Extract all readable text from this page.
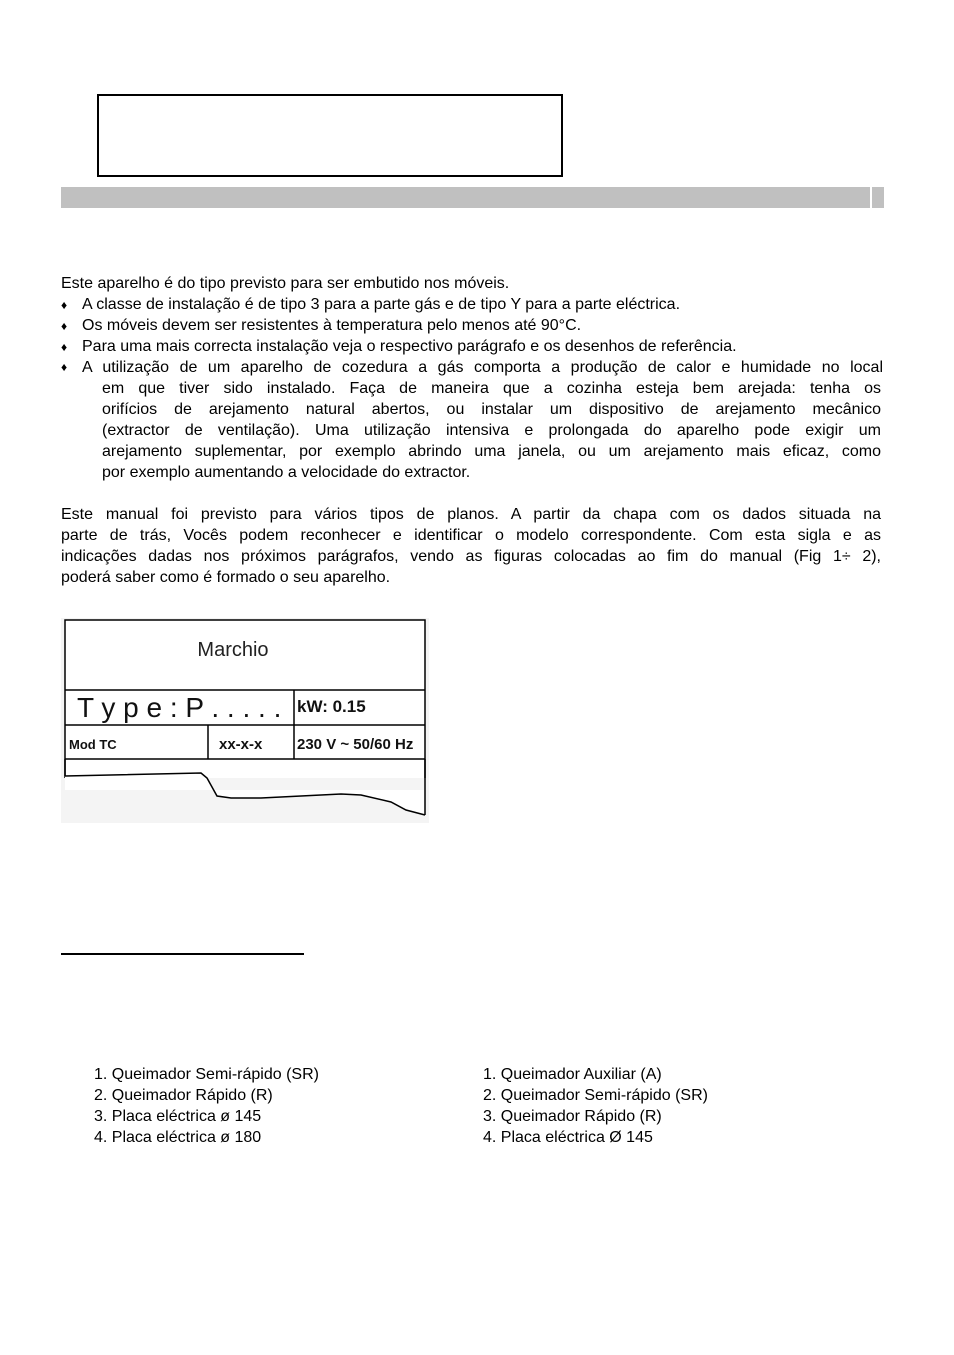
Este aparelho é do tipo previsto para ser embutido nos móveis.
♦ A classe de instalação é de tipo 3 para a parte gás e de tipo Y para a parte eléctrica.
♦ Os móveis devem ser resistentes à temperatura pelo menos até 90°C.
♦ Para uma mais correcta instalação veja o respectivo parágrafo e os desenhos de referência.
♦ A utilização de um aparelho de cozedura a gás comporta a produção de calor e humidade no local
em que tiver sido instalado. Faça de maneira que a cozinha esteja bem arejada: tenha os
orifícios de arejamento natural abertos, ou instalar um dispositivo de arejamento mecânico
(extractor de ventilação). Uma utilização intensiva e prolongada do aparelho pode exigir um
arejamento suplementar, por exemplo abrindo uma janela, ou um arejamento mais eficaz, como
por exemplo aumentando a velocidade do extractor.
Este manual foi previsto para vários tipos de planos. A partir da chapa com os dados situada na
parte de trás, Vocês podem reconhecer e identificar o modelo correspondente. Com esta sigla e as
indicações dadas nos próximos parágrafos, vendo as figuras colocadas ao fim do manual (Fig 1÷ 2),
poderá saber como é formado o seu aparelho.
Marchio
T y p e : P . . . . . kW: 0.15
Mod TC	xx-x-x 230 V ~ 50/60 Hz
1. Queimador Semi-rápido (SR)
2. Queimador Rápido (R)
3. Placa eléctrica ø 145
4. Placa eléctrica ø 180
1. Queimador Auxiliar (A)
2. Queimador Semi-rápido (SR)
3. Queimador Rápido (R)
4. Placa eléctrica Ø 145
